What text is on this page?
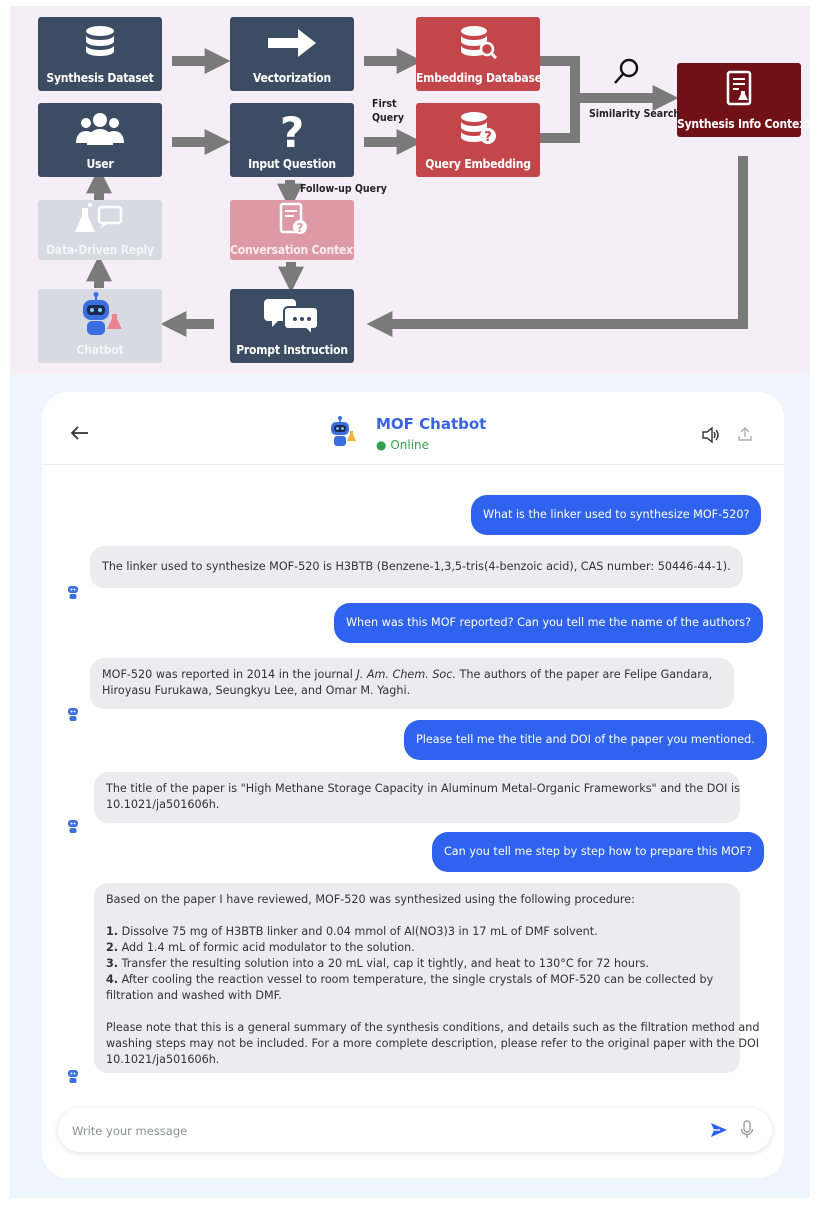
Synthesis Dataset	Vectorization	Embedding Database
User
?
Input Question
?
Query Embedding
Synthesis Info Context
Data-Driven Reply
?
Conversation Context
Chatbot	Prompt Instruction
First
Query
Follow-up Query
Similarity Search
MOF Chatbot
● Online
What is the linker used to synthesize MOF-520?
The linker used to synthesize MOF-520 is H3BTB (Benzene-1,3,5-tris(4-benzoic acid), CAS number: 50446-44-1).
When was this MOF reported? Can you tell me the name of the authors?
MOF-520 was reported in 2014 in the journal J. Am. Chem. Soc. The authors of the paper are Felipe Gandara,
Hiroyasu Furukawa, Seungkyu Lee, and Omar M. Yaghi.
Please tell me the title and DOI of the paper you mentioned.
The title of the paper is "High Methane Storage Capacity in Aluminum Metal-Organic Frameworks" and the DOI is
10.1021/ja501606h.
Can you tell me step by step how to prepare this MOF?
Based on the paper I have reviewed, MOF-520 was synthesized using the following procedure:
1. Dissolve 75 mg of H3BTB linker and 0.04 mmol of Al(NO3)3 in 17 mL of DMF solvent.
2. Add 1.4 mL of formic acid modulator to the solution.
3. Transfer the resulting solution into a 20 mL vial, cap it tightly, and heat to 130°C for 72 hours.
4. After cooling the reaction vessel to room temperature, the single crystals of MOF-520 can be collected by
filtration and washed with DMF.
Please note that this is a general summary of the synthesis conditions, and details such as the filtration method and
washing steps may not be included. For a more complete description, please refer to the original paper with the DOI
10.1021/ja501606h.
Write your message
